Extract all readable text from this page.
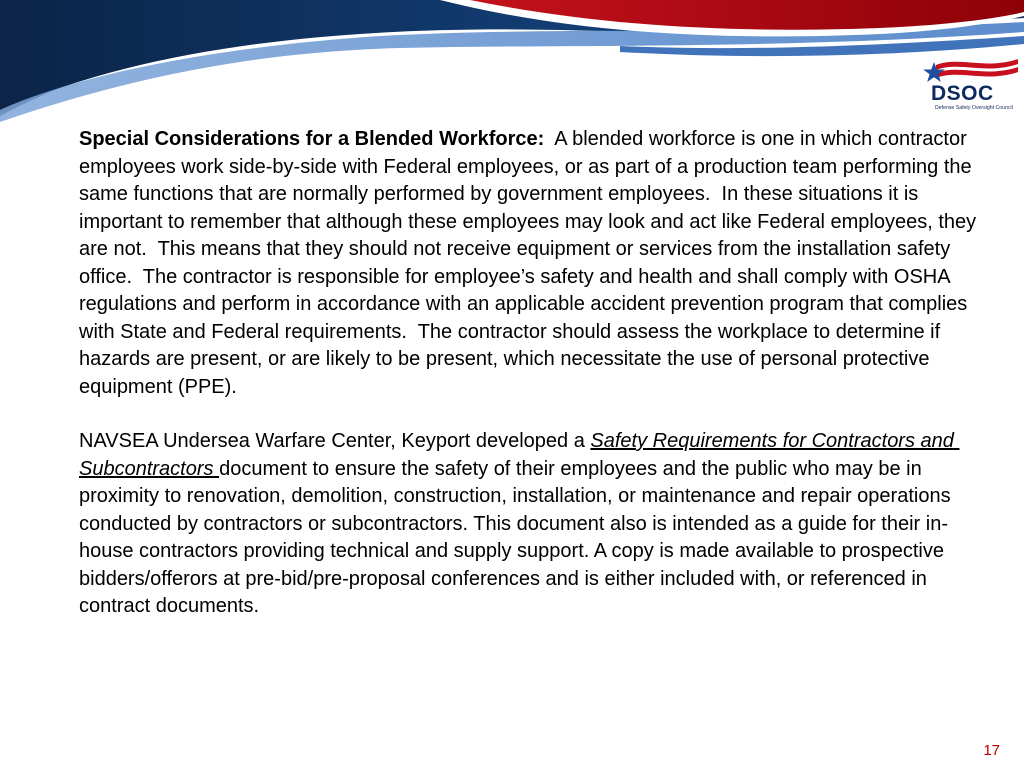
DSOC
Defense Safety Oversight Council

Special Considerations for a Blended Workforce:  A blended workforce is one in which contractor employees work side-by-side with Federal employees, or as part of a production team performing the same functions that are normally performed by government employees.  In these situations it is important to remember that although these employees may look and act like Federal employees, they are not.  This means that they should not receive equipment or services from the installation safety office.  The contractor is responsible for employee’s safety and health and shall comply with OSHA regulations and perform in accordance with an applicable accident prevention program that complies with State and Federal requirements.  The contractor should assess the workplace to determine if hazards are present, or are likely to be present, which necessitate the use of personal protective equipment (PPE).

NAVSEA Undersea Warfare Center, Keyport developed a Safety Requirements for Contractors and Subcontractors document to ensure the safety of their employees and the public who may be in proximity to renovation, demolition, construction, installation, or maintenance and repair operations conducted by contractors or subcontractors. This document also is intended as a guide for their in-house contractors providing technical and supply support. A copy is made available to prospective bidders/offerors at pre-bid/pre-proposal conferences and is either included with, or referenced in contract documents.

17
